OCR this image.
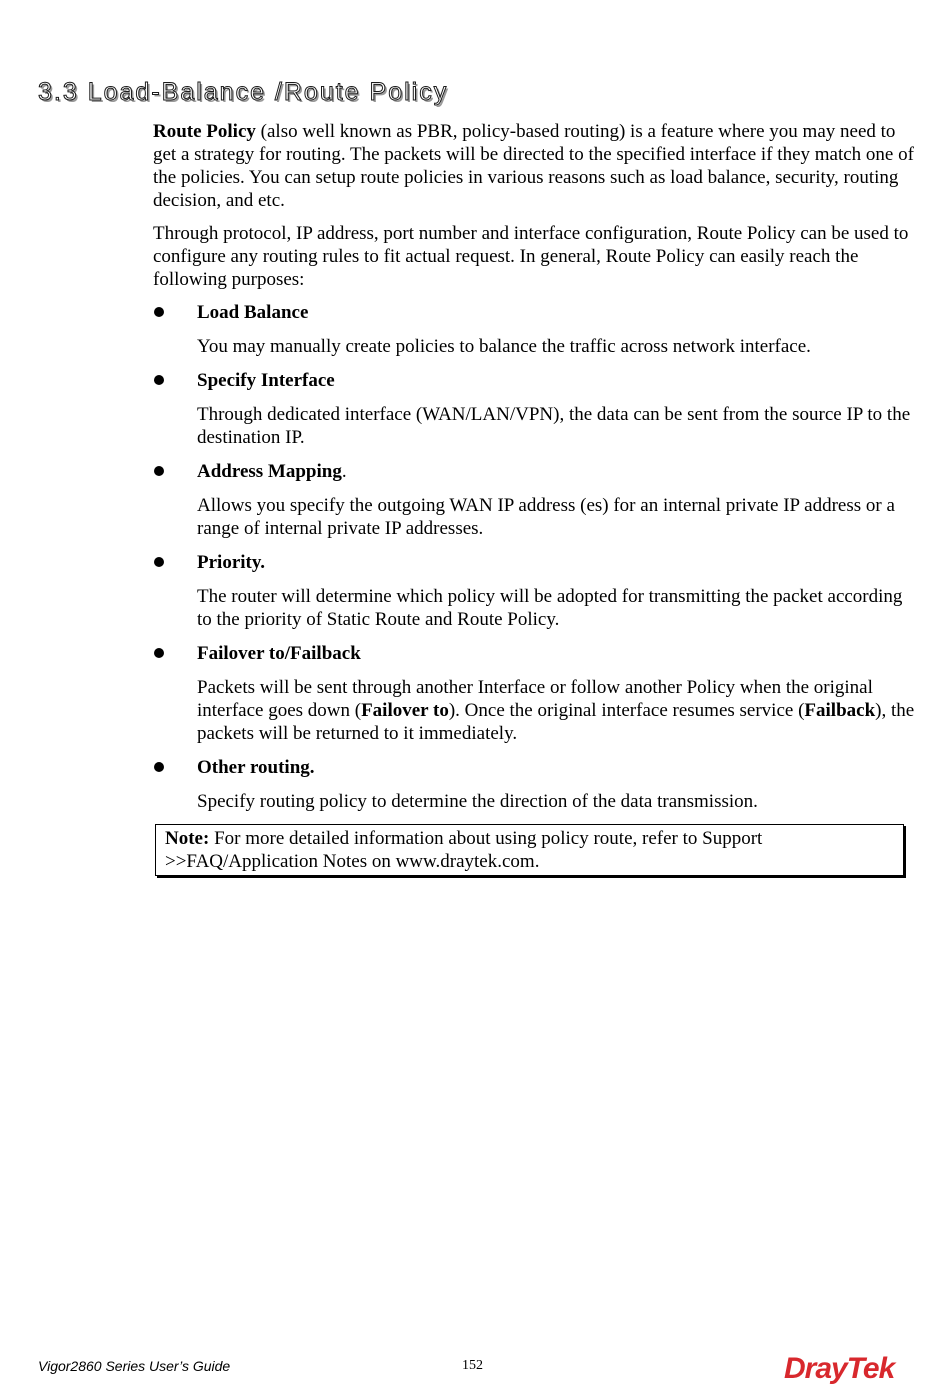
3.3 Load-Balance /Route Policy

Route Policy (also well known as PBR, policy-based routing) is a feature where you may need to get a strategy for routing. The packets will be directed to the specified interface if they match one of the policies. You can setup route policies in various reasons such as load balance, security, routing decision, and etc.

Through protocol, IP address, port number and interface configuration, Route Policy can be used to configure any routing rules to fit actual request. In general, Route Policy can easily reach the following purposes:

Load Balance

You may manually create policies to balance the traffic across network interface.

Specify Interface

Through dedicated interface (WAN/LAN/VPN), the data can be sent from the source IP to the destination IP.

Address Mapping.

Allows you specify the outgoing WAN IP address (es) for an internal private IP address or a range of internal private IP addresses.

Priority.

The router will determine which policy will be adopted for transmitting the packet according to the priority of Static Route and Route Policy.

Failover to/Failback

Packets will be sent through another Interface or follow another Policy when the original interface goes down (Failover to). Once the original interface resumes service (Failback), the packets will be returned to it immediately.

Other routing.

Specify routing policy to determine the direction of the data transmission.

Note: For more detailed information about using policy route, refer to Support >>FAQ/Application Notes on www.draytek.com.
Vigor2860 Series User’s Guide	152	DrayTek
